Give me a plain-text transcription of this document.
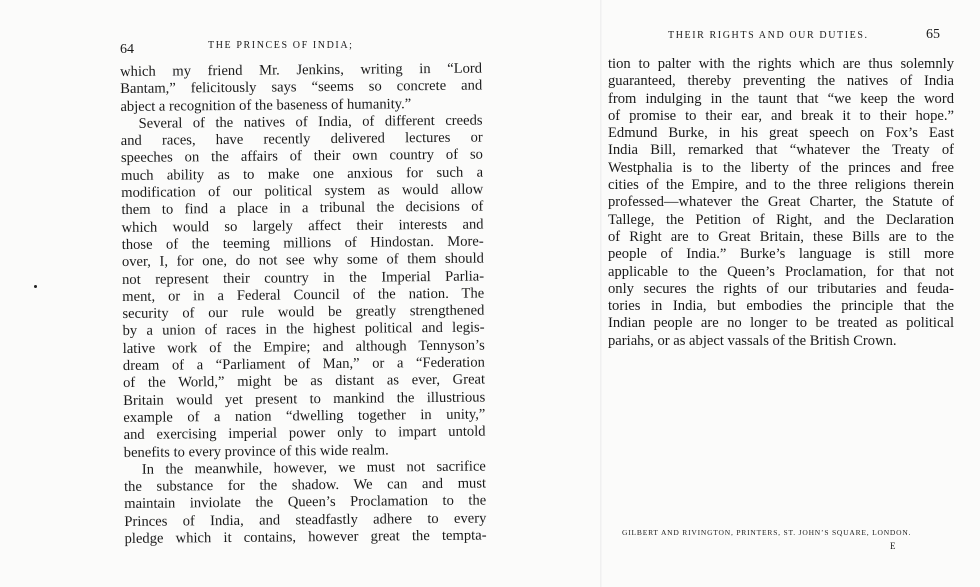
64	THE PRINCES OF INDIA;
which my friend Mr. Jenkins, writing in “Lord
Bantam,” felicitously says “seems so concrete and
abject a recognition of the baseness of humanity.”
Several of the natives of India, of different creeds
and races, have recently delivered lectures or
speeches on the affairs of their own country of so
much ability as to make one anxious for such a
modification of our political system as would allow
them to find a place in a tribunal the decisions of
which would so largely affect their interests and
those of the teeming millions of Hindostan. More-
over, I, for one, do not see why some of them should
not represent their country in the Imperial Parlia-
ment, or in a Federal Council of the nation. The
security of our rule would be greatly strengthened
by a union of races in the highest political and legis-
lative work of the Empire; and although Tennyson’s
dream of a “Parliament of Man,” or a “Federation
of the World,” might be as distant as ever, Great
Britain would yet present to mankind the illustrious
example of a nation “dwelling together in unity,”
and exercising imperial power only to impart untold
benefits to every province of this wide realm.
In the meanwhile, however, we must not sacrifice
the substance for the shadow. We can and must
maintain inviolate the Queen’s Proclamation to the
Princes of India, and steadfastly adhere to every
pledge which it contains, however great the tempta-
THEIR RIGHTS AND OUR DUTIES.	65
tion to palter with the rights which are thus solemnly
guaranteed, thereby preventing the natives of India
from indulging in the taunt that “we keep the word
of promise to their ear, and break it to their hope.”
Edmund Burke, in his great speech on Fox’s East
India Bill, remarked that “whatever the Treaty of
Westphalia is to the liberty of the princes and free
cities of the Empire, and to the three religions therein
professed—whatever the Great Charter, the Statute of
Tallege, the Petition of Right, and the Declaration
of Right are to Great Britain, these Bills are to the
people of India.” Burke’s language is still more
applicable to the Queen’s Proclamation, for that not
only secures the rights of our tributaries and feuda-
tories in India, but embodies the principle that the
Indian people are no longer to be treated as political
pariahs, or as abject vassals of the British Crown.
GILBERT AND RIVINGTON, PRINTERS, ST. JOHN’S SQUARE, LONDON.
E
